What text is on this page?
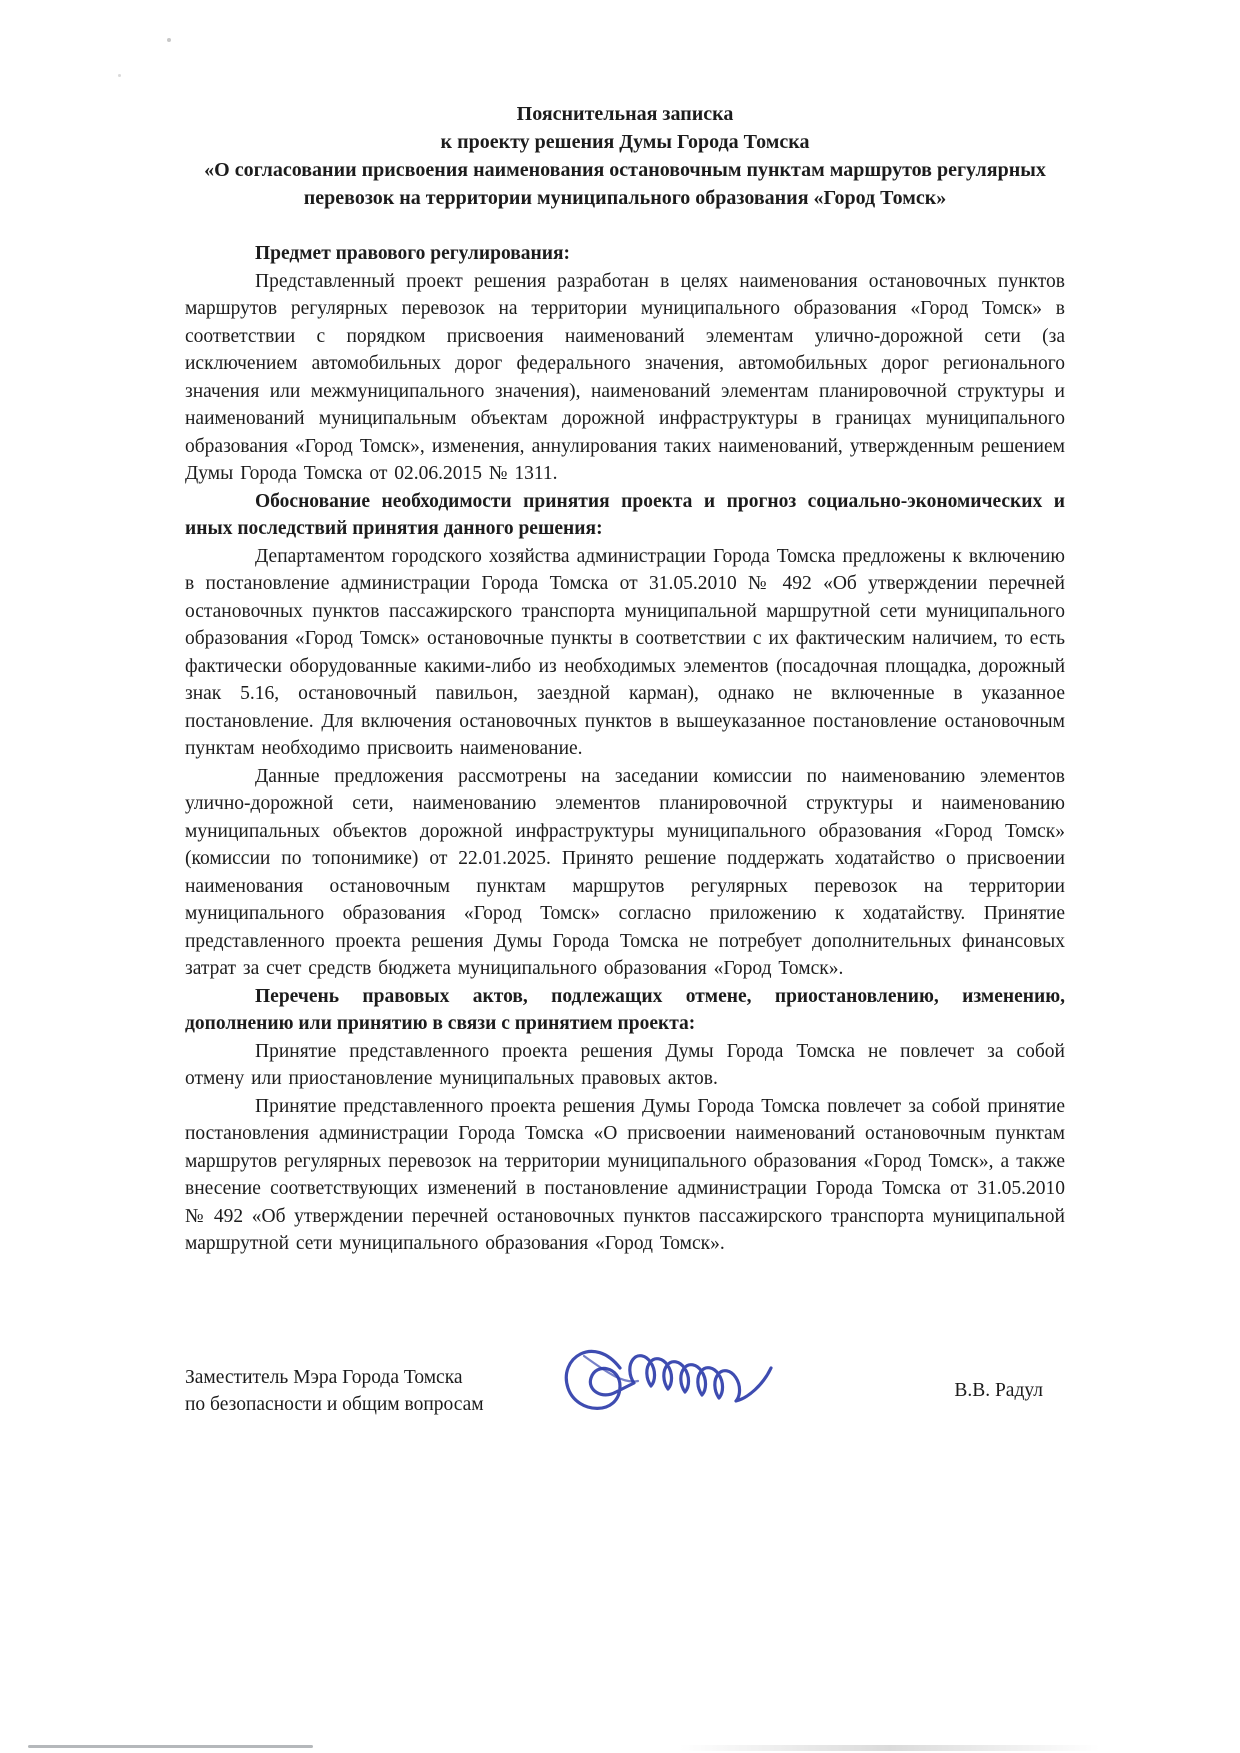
Пояснительная записка
к проекту решения Думы Города Томска
«О согласовании присвоения наименования остановочным пунктам маршрутов регулярных перевозок на территории муниципального образования «Город Томск»

Предмет правового регулирования:

Представленный проект решения разработан в целях наименования остановочных пунктов маршрутов регулярных перевозок на территории муниципального образования «Город Томск» в соответствии с порядком присвоения наименований элементам улично-дорожной сети (за исключением автомобильных дорог федерального значения, автомобильных дорог регионального значения или межмуниципального значения), наименований элементам планировочной структуры и наименований муниципальным объектам дорожной инфраструктуры в границах муниципального образования «Город Томск», изменения, аннулирования таких наименований, утвержденным решением Думы Города Томска от 02.06.2015 № 1311.

Обоснование необходимости принятия проекта и прогноз социально-экономических и иных последствий принятия данного решения:

Департаментом городского хозяйства администрации Города Томска предложены к включению в постановление администрации Города Томска от 31.05.2010 № 492 «Об утверждении перечней остановочных пунктов пассажирского транспорта муниципальной маршрутной сети муниципального образования «Город Томск» остановочные пункты в соответствии с их фактическим наличием, то есть фактически оборудованные какими-либо из необходимых элементов (посадочная площадка, дорожный знак 5.16, остановочный павильон, заездной карман), однако не включенные в указанное постановление. Для включения остановочных пунктов в вышеуказанное постановление остановочным пунктам необходимо присвоить наименование.

Данные предложения рассмотрены на заседании комиссии по наименованию элементов улично-дорожной сети, наименованию элементов планировочной структуры и наименованию муниципальных объектов дорожной инфраструктуры муниципального образования «Город Томск» (комиссии по топонимике) от 22.01.2025. Принято решение поддержать ходатайство о присвоении наименования остановочным пунктам маршрутов регулярных перевозок на территории муниципального образования «Город Томск» согласно приложению к ходатайству. Принятие представленного проекта решения Думы Города Томска не потребует дополнительных финансовых затрат за счет средств бюджета муниципального образования «Город Томск».

Перечень правовых актов, подлежащих отмене, приостановлению, изменению, дополнению или принятию в связи с принятием проекта:

Принятие представленного проекта решения Думы Города Томска не повлечет за собой отмену или приостановление муниципальных правовых актов.

Принятие представленного проекта решения Думы Города Томска повлечет за собой принятие постановления администрации Города Томска «О присвоении наименований остановочным пунктам маршрутов регулярных перевозок на территории муниципального образования «Город Томск», а также внесение соответствующих изменений в постановление администрации Города Томска от 31.05.2010 № 492 «Об утверждении перечней остановочных пунктов пассажирского транспорта муниципальной маршрутной сети муниципального образования «Город Томск».

Заместитель Мэра Города Томска
по безопасности и общим вопросам
В.В. Радул
